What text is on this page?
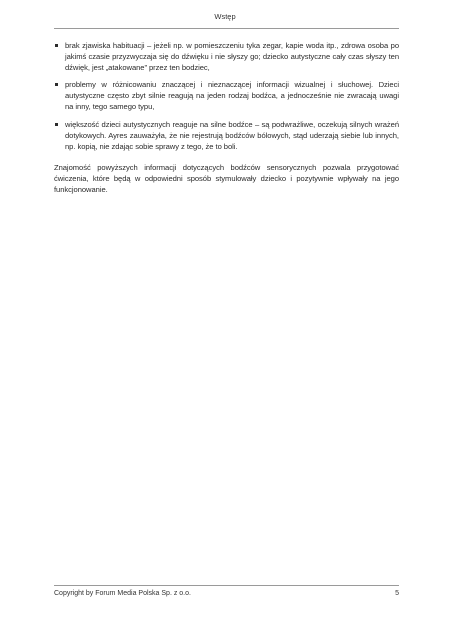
Wstęp
brak zjawiska habituacji – jeżeli np. w pomieszczeniu tyka zegar, kapie woda itp., zdrowa osoba po jakimś czasie przyzwyczaja się do dźwięku i nie słyszy go; dziecko autystyczne cały czas słyszy ten dźwięk, jest „atakowane” przez ten bodziec,
problemy w różnicowaniu znaczącej i nieznaczącej informacji wizualnej i słuchowej. Dzieci autystyczne często zbyt silnie reagują na jeden rodzaj bodźca, a jednocześnie nie zwracają uwagi na inny, tego samego typu,
większość dzieci autystycznych reaguje na silne bodźce – są podwrażliwe, oczekują silnych wrażeń dotykowych. Ayres zauważyła, że nie rejestrują bodźców bólowych, stąd uderzają siebie lub innych, np. kopią, nie zdając sobie sprawy z tego, że to boli.

Znajomość powyższych informacji dotyczących bodźców sensorycznych pozwala przygotować ćwiczenia, które będą w odpowiedni sposób stymulowały dziecko i pozytywnie wpływały na jego funkcjonowanie.

Copyright by Forum Media Polska Sp. z o.o.	5
